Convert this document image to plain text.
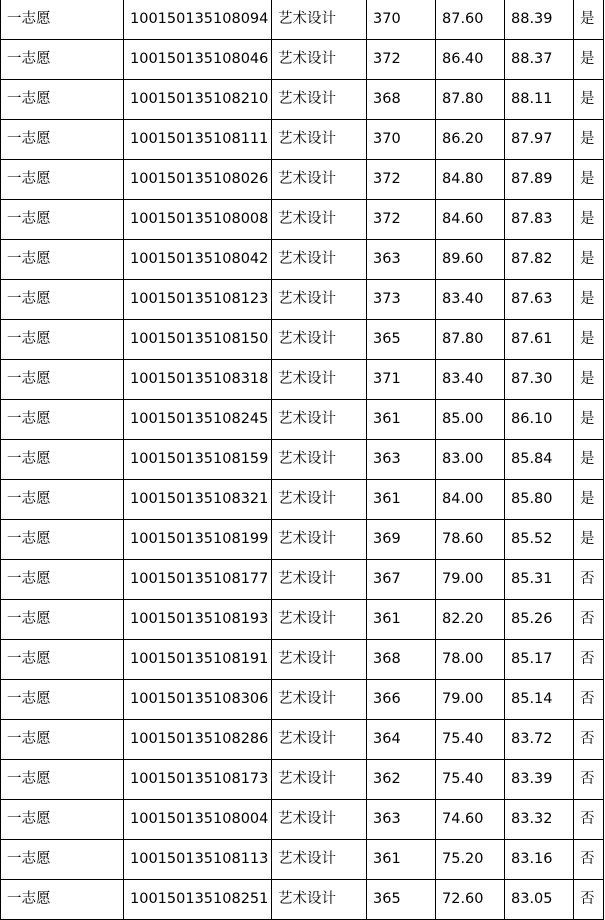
一志愿	100150135108094	艺术设计	370	87.60	88.39	是
一志愿	100150135108046	艺术设计	372	86.40	88.37	是
一志愿	100150135108210	艺术设计	368	87.80	88.11	是
一志愿	100150135108111	艺术设计	370	86.20	87.97	是
一志愿	100150135108026	艺术设计	372	84.80	87.89	是
一志愿	100150135108008	艺术设计	372	84.60	87.83	是
一志愿	100150135108042	艺术设计	363	89.60	87.82	是
一志愿	100150135108123	艺术设计	373	83.40	87.63	是
一志愿	100150135108150	艺术设计	365	87.80	87.61	是
一志愿	100150135108318	艺术设计	371	83.40	87.30	是
一志愿	100150135108245	艺术设计	361	85.00	86.10	是
一志愿	100150135108159	艺术设计	363	83.00	85.84	是
一志愿	100150135108321	艺术设计	361	84.00	85.80	是
一志愿	100150135108199	艺术设计	369	78.60	85.52	是
一志愿	100150135108177	艺术设计	367	79.00	85.31	否
一志愿	100150135108193	艺术设计	361	82.20	85.26	否
一志愿	100150135108191	艺术设计	368	78.00	85.17	否
一志愿	100150135108306	艺术设计	366	79.00	85.14	否
一志愿	100150135108286	艺术设计	364	75.40	83.72	否
一志愿	100150135108173	艺术设计	362	75.40	83.39	否
一志愿	100150135108004	艺术设计	363	74.60	83.32	否
一志愿	100150135108113	艺术设计	361	75.20	83.16	否
一志愿	100150135108251	艺术设计	365	72.60	83.05	否
